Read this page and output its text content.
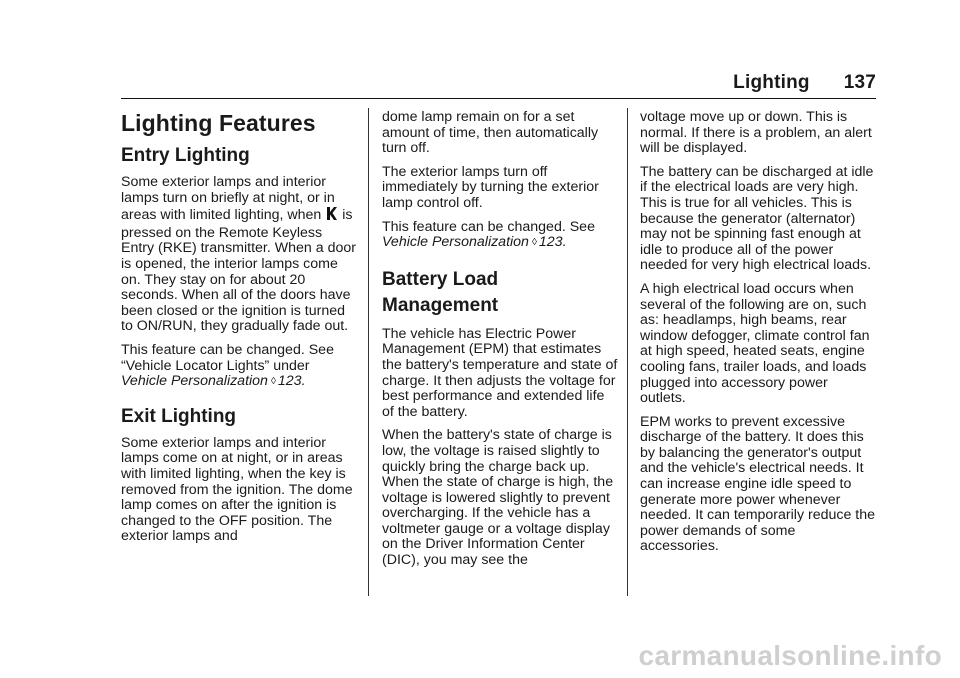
Lighting 137
Lighting Features
Entry Lighting

Some exterior lamps and interior lamps turn on briefly at night, or in areas with limited lighting, when is pressed on the Remote Keyless Entry (RKE) transmitter. When a door is opened, the interior lamps come on. They stay on for about 20 seconds. When all of the doors have been closed or the ignition is turned to ON/RUN, they gradually fade out.

This feature can be changed. See “Vehicle Locator Lights” under Vehicle Personalization ◊ 123.

Exit Lighting

Some exterior lamps and interior lamps come on at night, or in areas with limited lighting, when the key is removed from the ignition. The dome lamp comes on after the ignition is changed to the OFF position. The exterior lamps and

dome lamp remain on for a set amount of time, then automatically turn off.

The exterior lamps turn off immediately by turning the exterior lamp control off.

This feature can be changed. See
Vehicle Personalization ◊ 123.

Battery Load
Management

The vehicle has Electric Power Management (EPM) that estimates the battery's temperature and state of charge. It then adjusts the voltage for best performance and extended life of the battery.

When the battery's state of charge is low, the voltage is raised slightly to quickly bring the charge back up. When the state of charge is high, the voltage is lowered slightly to prevent overcharging. If the vehicle has a voltmeter gauge or a voltage display on the Driver Information Center (DIC), you may see the

voltage move up or down. This is normal. If there is a problem, an alert will be displayed.

The battery can be discharged at idle if the electrical loads are very high. This is true for all vehicles. This is because the generator (alternator) may not be spinning fast enough at idle to produce all of the power needed for very high electrical loads.

A high electrical load occurs when several of the following are on, such as: headlamps, high beams, rear window defogger, climate control fan at high speed, heated seats, engine cooling fans, trailer loads, and loads plugged into accessory power outlets.

EPM works to prevent excessive discharge of the battery. It does this by balancing the generator's output and the vehicle's electrical needs. It can increase engine idle speed to generate more power whenever needed. It can temporarily reduce the power demands of some accessories.

carmanualsonline.info
